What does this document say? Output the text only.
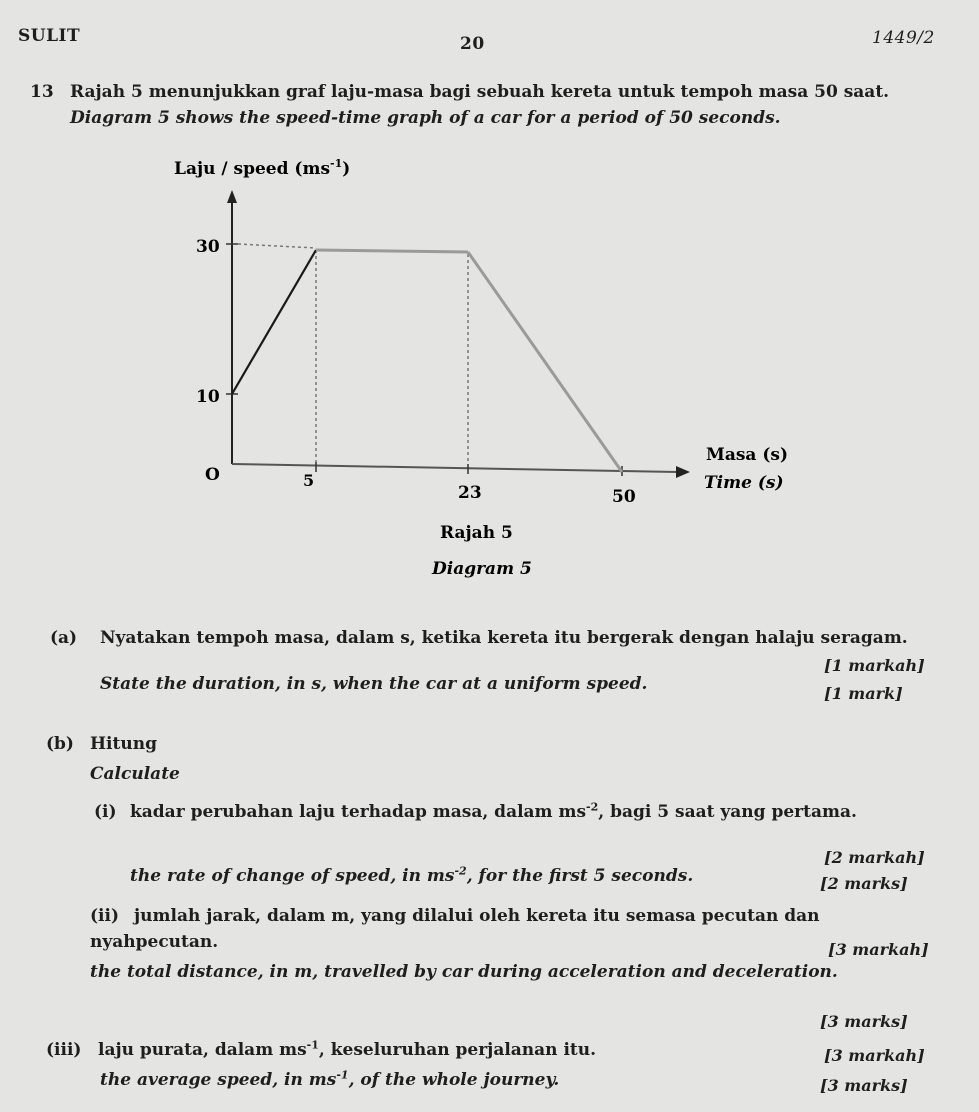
SULIT	20	1449/2
13 Rajah 5 menunjukkan graf laju-masa bagi sebuah kereta untuk tempoh masa 50 saat.
Diagram 5 shows the speed-time graph of a car for a period of 50 seconds.
Laju / speed $(ms^{-1})$
30
10
O	5
23	50
Masa (s)
Time (s)
Rajah 5
Diagram 5
(a) Nyatakan tempoh masa, dalam s, ketika kereta itu bergerak dengan halaju seragam.
[1 markah]
State the duration, in s, when the car at a uniform speed.	[1 mark]
(b) Hitung
Calculate
(i) kadar perubahan laju terhadap masa, dalam $ms^{-2}$, bagi 5 saat yang pertama.
[2 markah]
the rate of change of speed, in $ms^{-2}$, for the first 5 seconds.	[2 marks]
(ii) jumlah jarak, dalam m, yang dilalui oleh kereta itu semasa pecutan dan
nyahpecutan.	[3 markah]
the total distance, in m, travelled by car during acceleration and deceleration.
[3 marks]
(iii) laju purata, dalam $ms^{-1}$, keseluruhan perjalanan itu.	[3 markah]
the average speed, in $ms^{-1}$, of the whole journey.	[3 marks]
